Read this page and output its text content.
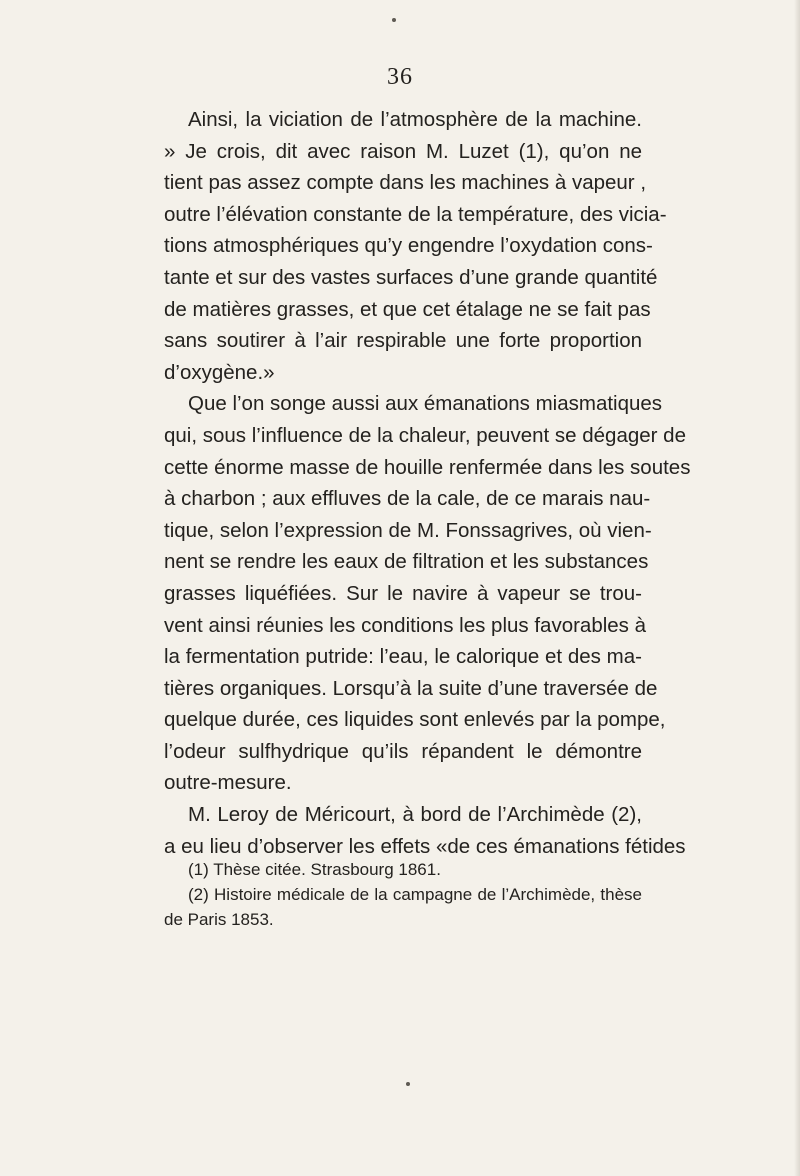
36
Ainsi, la viciation de l’atmosphère de la machine.
» Je crois, dit avec raison M. Luzet (1), qu’on ne
tient pas assez compte dans les machines à vapeur ,
outre l’élévation constante de la température, des vicia-
tions atmosphériques qu’y engendre l’oxydation cons-
tante et sur des vastes surfaces d’une grande quantité
de matières grasses, et que cet étalage ne se fait pas
sans soutirer à l’air respirable une forte proportion
d’oxygène.»
Que l’on songe aussi aux émanations miasmatiques
qui, sous l’influence de la chaleur, peuvent se dégager de
cette énorme masse de houille renfermée dans les soutes
à charbon ; aux effluves de la cale, de ce marais nau-
tique, selon l’expression de M. Fonssagrives, où vien-
nent se rendre les eaux de filtration et les substances
grasses liquéfiées. Sur le navire à vapeur se trou-
vent ainsi réunies les conditions les plus favorables à
la fermentation putride: l’eau, le calorique et des ma-
tières organiques. Lorsqu’à la suite d’une traversée de
quelque durée, ces liquides sont enlevés par la pompe,
l’odeur sulfhydrique qu’ils répandent le démontre
outre-mesure.
M. Leroy de Méricourt, à bord de l’Archimède (2),
a eu lieu d’observer les effets «de ces émanations fétides
(1) Thèse citée. Strasbourg 1861.
(2) Histoire médicale de la campagne de l’Archimède, thèse
de Paris 1853.
